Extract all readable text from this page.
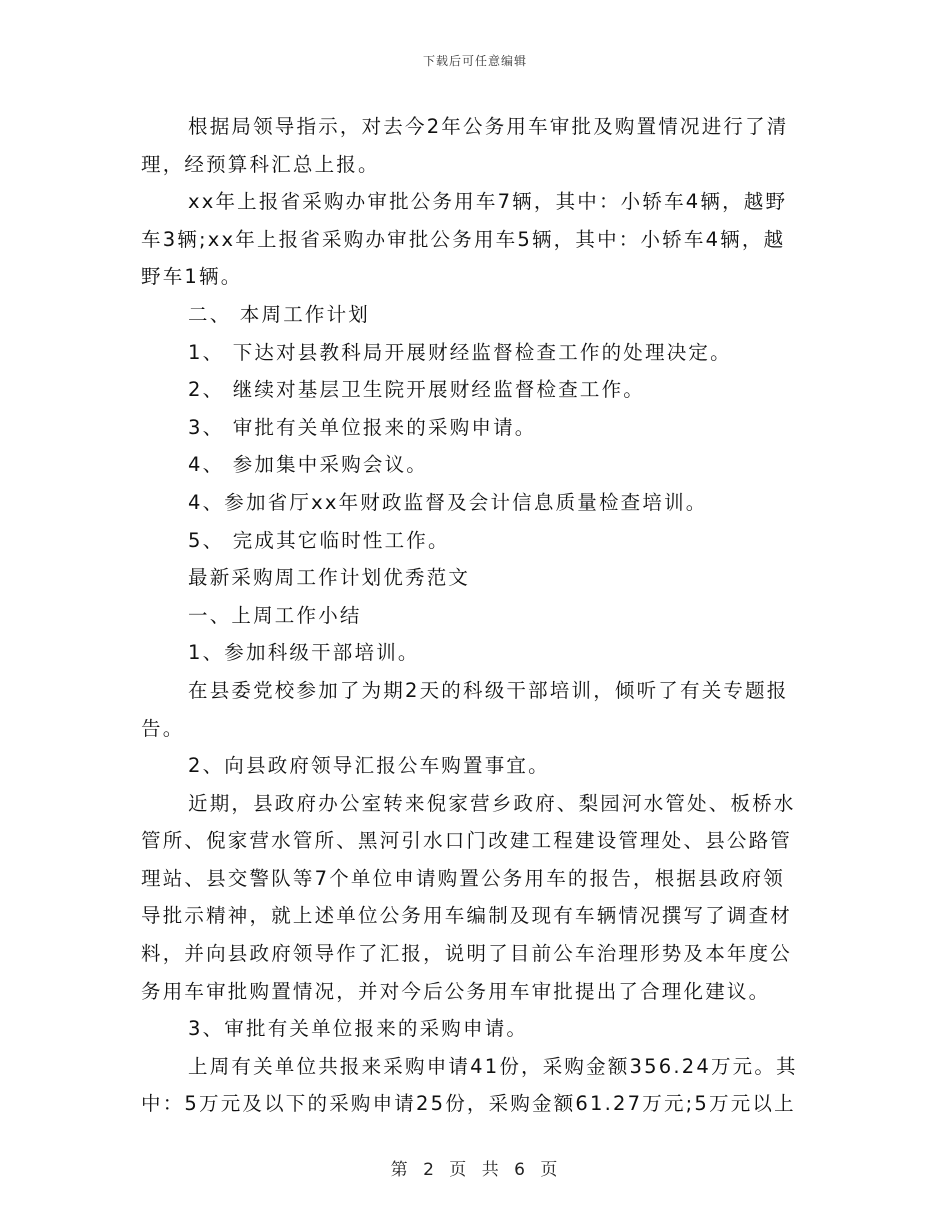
下载后可任意编辑
根据局领导指示，对去今2年公务用车审批及购置情况进行了清
理，经预算科汇总上报。
xx年上报省采购办审批公务用车7辆，其中：小轿车4辆，越野
车3辆;xx年上报省采购办审批公务用车5辆，其中：小轿车4辆，越
野车1辆。
二、 本周工作计划
1、 下达对县教科局开展财经监督检查工作的处理决定。
2、 继续对基层卫生院开展财经监督检查工作。
3、 审批有关单位报来的采购申请。
4、 参加集中采购会议。
4、参加省厅xx年财政监督及会计信息质量检查培训。
5、 完成其它临时性工作。
最新采购周工作计划优秀范文
一、上周工作小结
1、参加科级干部培训。
在县委党校参加了为期2天的科级干部培训，倾听了有关专题报
告。
2、向县政府领导汇报公车购置事宜。
近期，县政府办公室转来倪家营乡政府、梨园河水管处、板桥水
管所、倪家营水管所、黑河引水口门改建工程建设管理处、县公路管
理站、县交警队等7个单位申请购置公务用车的报告，根据县政府领
导批示精神，就上述单位公务用车编制及现有车辆情况撰写了调查材
料，并向县政府领导作了汇报，说明了目前公车治理形势及本年度公
务用车审批购置情况，并对今后公务用车审批提出了合理化建议。
3、审批有关单位报来的采购申请。
上周有关单位共报来采购申请41份，采购金额356.24万元。其
中：5万元及以下的采购申请25份，采购金额61.27万元;5万元以上
第 2 页 共 6 页
